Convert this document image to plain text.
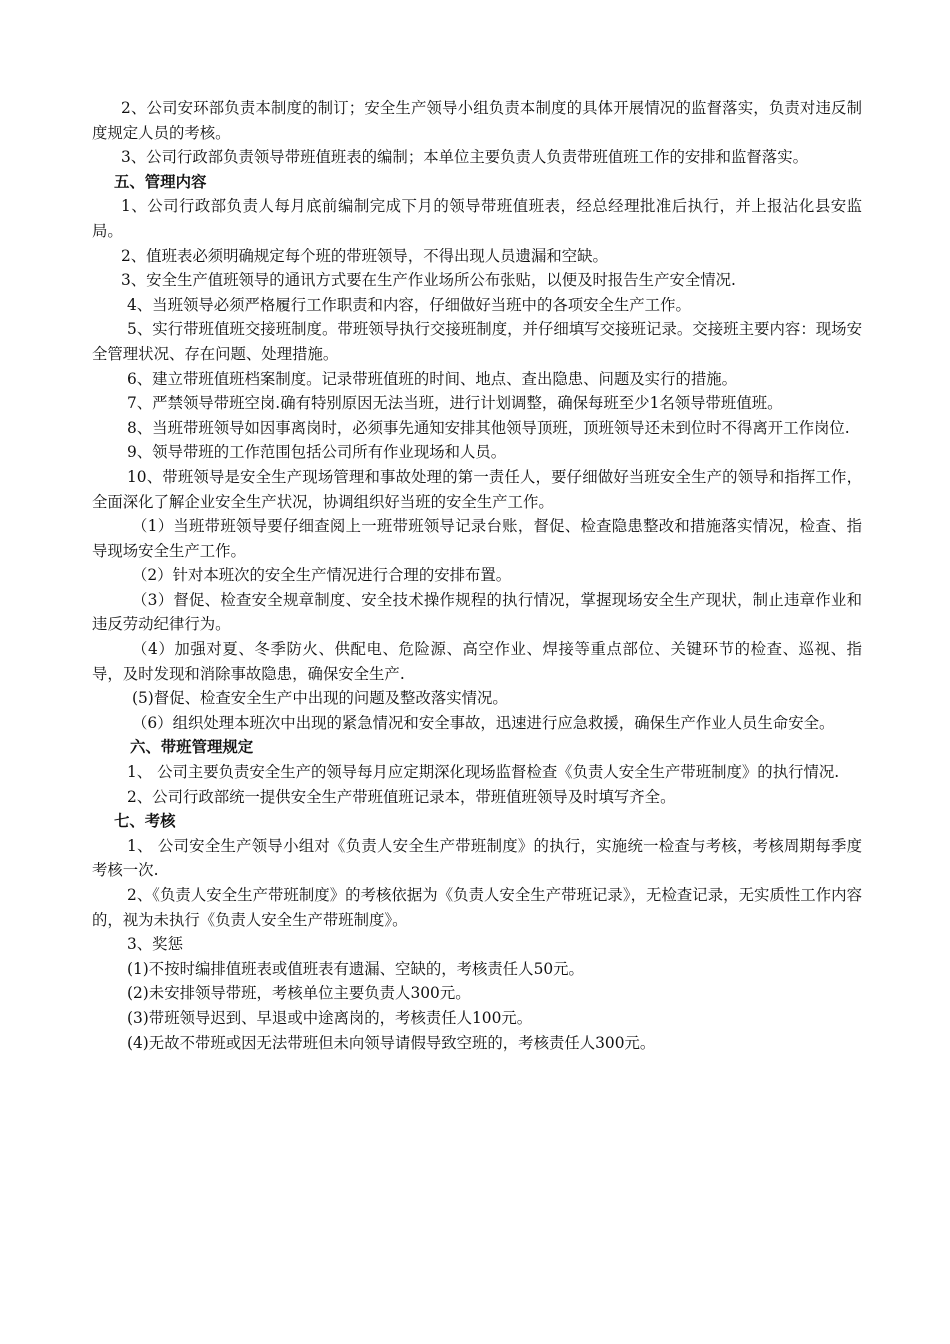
2、公司安环部负责本制度的制订；安全生产领导小组负责本制度的具体开展情况的监督落实，负责对违反制度规定人员的考核。

3、公司行政部负责领导带班值班表的编制；本单位主要负责人负责带班值班工作的安排和监督落实。

五、管理内容

1、公司行政部负责人每月底前编制完成下月的领导带班值班表，经总经理批准后执行，并上报沾化县安监局。

2、值班表必须明确规定每个班的带班领导，不得出现人员遗漏和空缺。

3、安全生产值班领导的通讯方式要在生产作业场所公布张贴，以便及时报告生产安全情况.

4、当班领导必须严格履行工作职责和内容，仔细做好当班中的各项安全生产工作。

5、实行带班值班交接班制度。带班领导执行交接班制度，并仔细填写交接班记录。交接班主要内容：现场安全管理状况、存在问题、处理措施。

6、建立带班值班档案制度。记录带班值班的时间、地点、查出隐患、问题及实行的措施。

7、严禁领导带班空岗.确有特别原因无法当班，进行计划调整，确保每班至少1名领导带班值班。

8、当班带班领导如因事离岗时，必须事先通知安排其他领导顶班，顶班领导还未到位时不得离开工作岗位.

9、领导带班的工作范围包括公司所有作业现场和人员。

10、带班领导是安全生产现场管理和事故处理的第一责任人，要仔细做好当班安全生产的领导和指挥工作，全面深化了解企业安全生产状况，协调组织好当班的安全生产工作。

（1）当班带班领导要仔细查阅上一班带班领导记录台账，督促、检查隐患整改和措施落实情况，检查、指导现场安全生产工作。

（2）针对本班次的安全生产情况进行合理的安排布置。

（3）督促、检查安全规章制度、安全技术操作规程的执行情况，掌握现场安全生产现状，制止违章作业和违反劳动纪律行为。

（4）加强对夏、冬季防火、供配电、危险源、高空作业、焊接等重点部位、关键环节的检查、巡视、指导，及时发现和消除事故隐患，确保安全生产.

(5)督促、检查安全生产中出现的问题及整改落实情况。

（6）组织处理本班次中出现的紧急情况和安全事故，迅速进行应急救援，确保生产作业人员生命安全。

六、带班管理规定

1、 公司主要负责安全生产的领导每月应定期深化现场监督检查《负责人安全生产带班制度》的执行情况.

2、公司行政部统一提供安全生产带班值班记录本，带班值班领导及时填写齐全。

七、考核

1、 公司安全生产领导小组对《负责人安全生产带班制度》的执行，实施统一检查与考核，考核周期每季度考核一次.

2、《负责人安全生产带班制度》的考核依据为《负责人安全生产带班记录》，无检查记录，无实质性工作内容的，视为未执行《负责人安全生产带班制度》。

3、奖惩

(1)不按时编排值班表或值班表有遗漏、空缺的，考核责任人50元。

(2)未安排领导带班，考核单位主要负责人300元。

(3)带班领导迟到、早退或中途离岗的，考核责任人100元。

(4)无故不带班或因无法带班但未向领导请假导致空班的，考核责任人300元。
